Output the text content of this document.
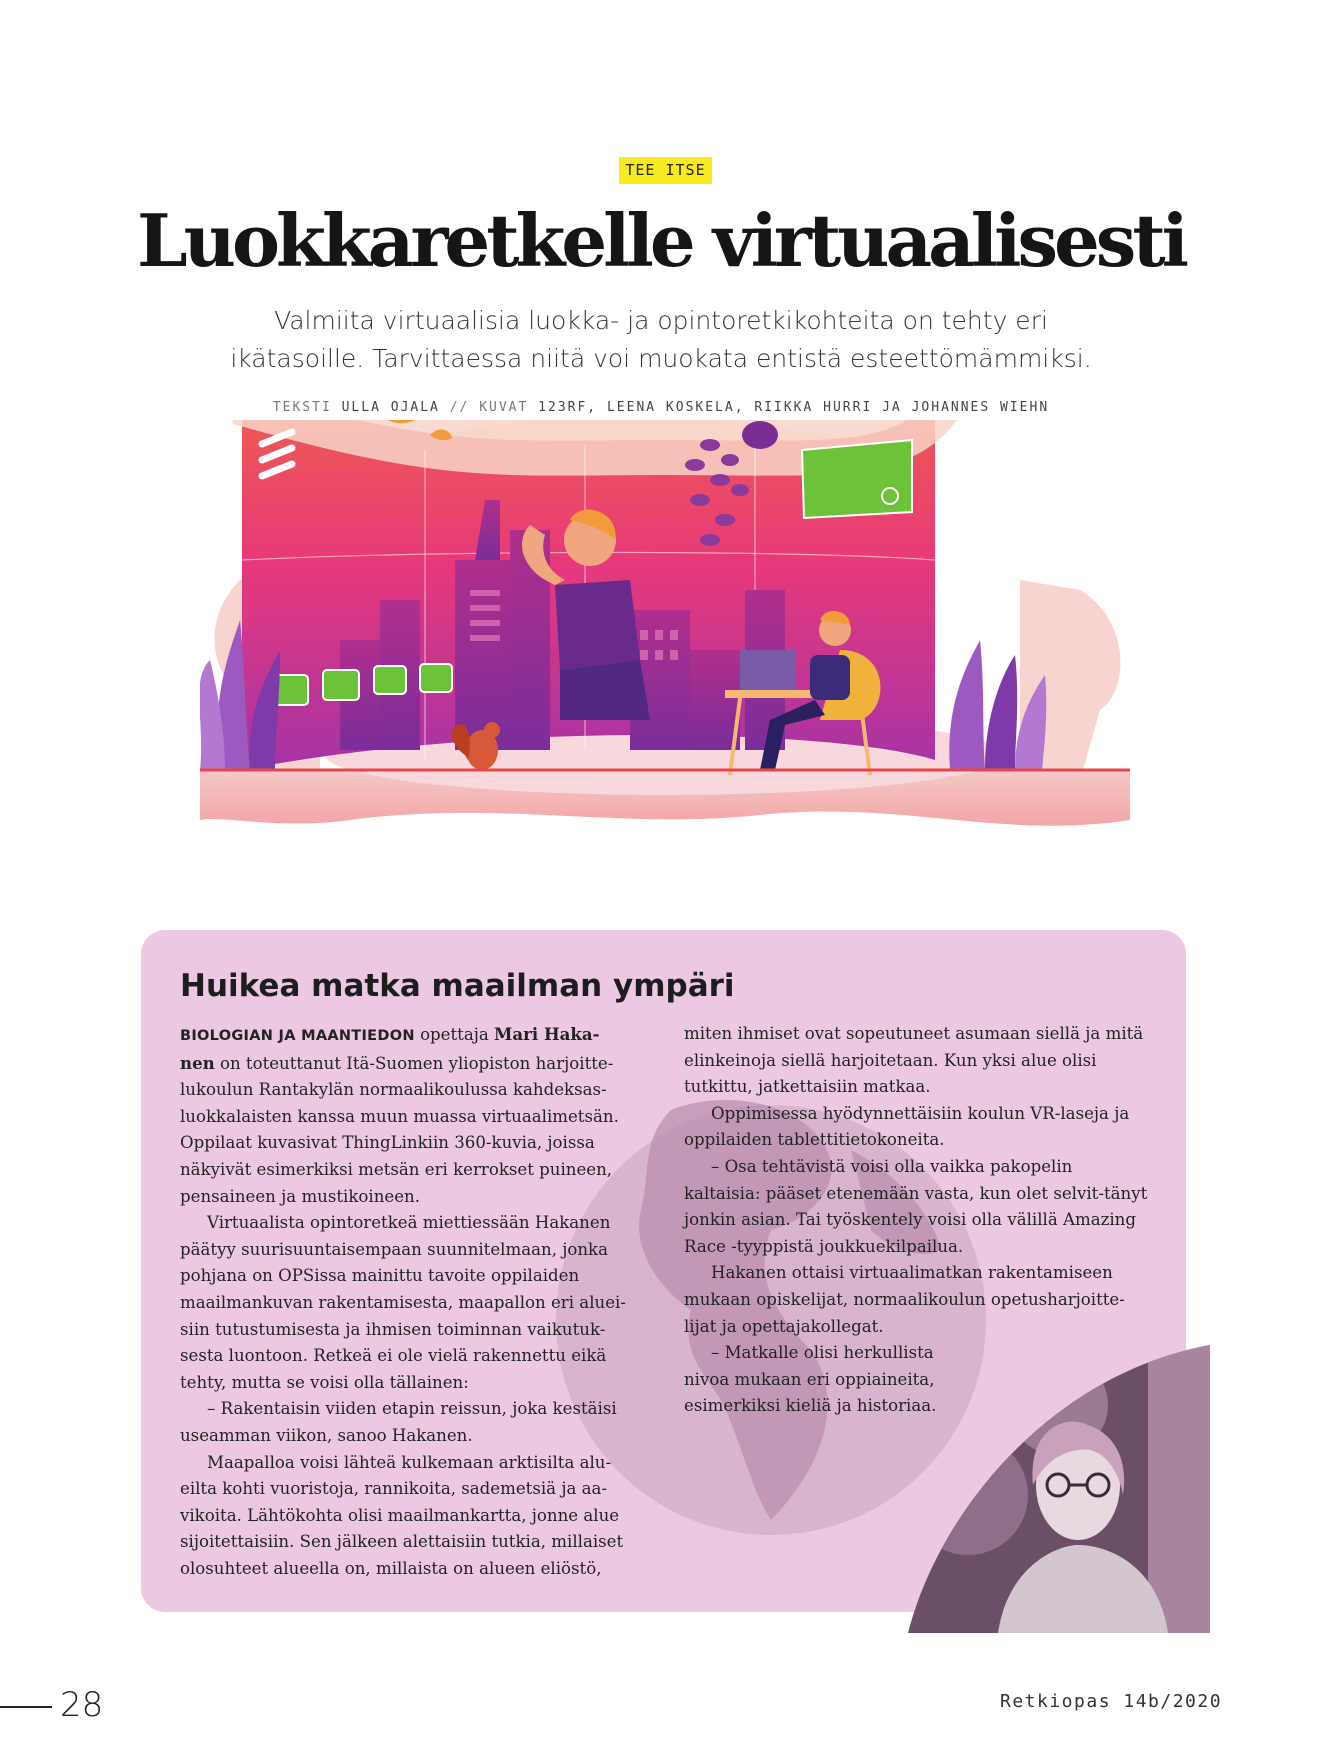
TEE ITSE
Luokkaretkelle virtuaalisesti

Valmiita virtuaalisia luokka- ja opintoretkikohteita on tehty eri
ikätasoille. Tarvittaessa niitä voi muokata entistä esteettömämmiksi.

TEKSTI ULLA OJALA // KUVAT 123RF, LEENA KOSKELA, RIIKKA HURRI JA JOHANNES WIEHN
Huikea matka maailman ympäri

BIOLOGIAN JA MAANTIEDON opettaja Mari Haka-
nen on toteuttanut Itä-Suomen yliopiston harjoitte-lukoulun Rantakylän normaalikoulussa kahdeksas-luokkalaisten kanssa muun muassa virtuaalimetsän. Oppilaat kuvasivat ThingLinkiin 360-kuvia, joissa näkyivät esimerkiksi metsän eri kerrokset puineen, pensaineen ja mustikoineen.

Virtuaalista opintoretkeä miettiessään Hakanen päätyy suurisuuntaisempaan suunnitelmaan, jonka pohjana on OPSissa mainittu tavoite oppilaiden maailmankuvan rakentamisesta, maapallon eri aluei-siin tutustumisesta ja ihmisen toiminnan vaikutuk-sesta luontoon. Retkeä ei ole vielä rakennettu eikä tehty, mutta se voisi olla tällainen:

– Rakentaisin viiden etapin reissun, joka kestäisi useamman viikon, sanoo Hakanen.

Maapalloa voisi lähteä kulkemaan arktisilta alu-eilta kohti vuoristoja, rannikoita, sademetsiä ja aa-vikoita. Lähtökohta olisi maailmankartta, jonne alue sijoitettaisiin. Sen jälkeen alettaisiin tutkia, millaiset olosuhteet alueella on, millaista on alueen eliöstö,

miten ihmiset ovat sopeutuneet asumaan siellä ja mitä elinkeinoja siellä harjoitetaan. Kun yksi alue olisi tutkittu, jatkettaisiin matkaa.

Oppimisessa hyödynnettäisiin koulun VR-laseja ja oppilaiden tablettitietokoneita.

– Osa tehtävistä voisi olla vaikka pakopelin kaltaisia: pääset etenemään vasta, kun olet selvit-tänyt jonkin asian. Tai työskentely voisi olla välillä Amazing Race -tyyppistä joukkuekilpailua.

Hakanen ottaisi virtuaalimatkan rakentamiseen mukaan opiskelijat, normaalikoulun opetusharjoitte-lijat ja opettajakollegat.

– Matkalle olisi herkullista nivoa mukaan eri oppiaineita, esimerkiksi kieliä ja historiaa.

28	Retkiopas 14b/2020
